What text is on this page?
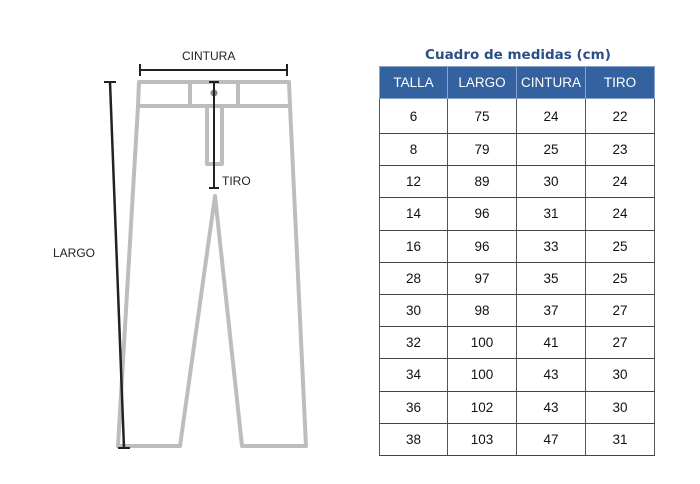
CINTURA
TIRO
LARGO
Cuadro de medidas (cm)
TALLA	LARGO	CINTURA	TIRO
6	75	24	22
8	79	25	23
12	89	30	24
14	96	31	24
16	96	33	25
28	97	35	25
30	98	37	27
32	100	41	27
34	100	43	30
36	102	43	30
38	103	47	31
